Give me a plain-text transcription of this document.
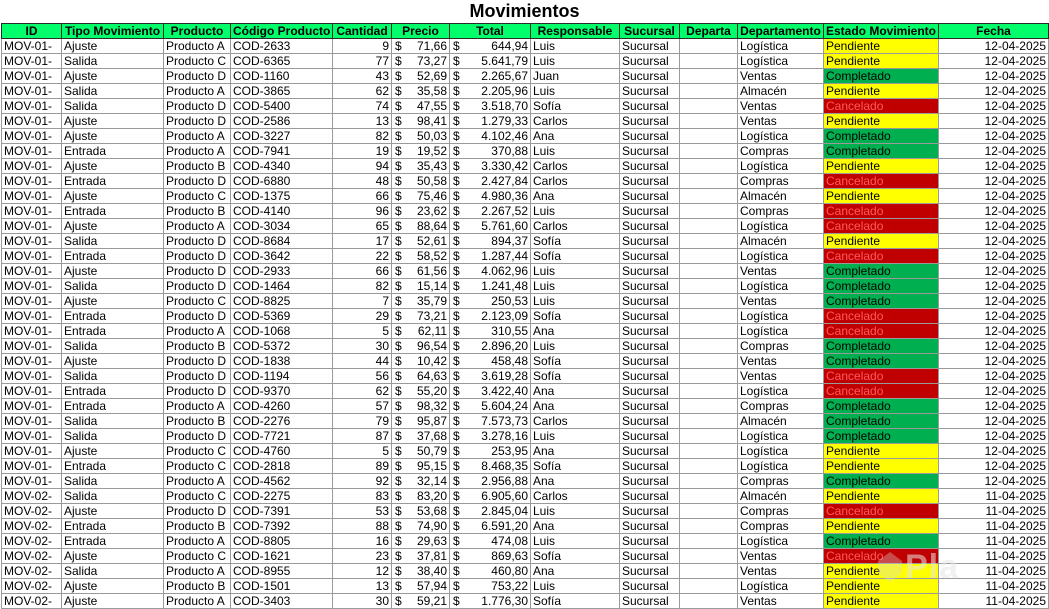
Movimientos
ID	Tipo Movimiento	Producto	Código Producto	Cantidad	Precio	Total	Responsable	Sucursal	Departa	Departamento	Estado Movimiento	Fecha
MOV-01-	Ajuste	Producto A	COD-2633	9	$ 71,66	$ 644,94	Luis	Sucursal		Logística	Pendiente	12-04-2025
MOV-01-	Salida	Producto C	COD-6365	77	$ 73,27	$ 5.641,79	Luis	Sucursal		Logística	Pendiente	12-04-2025
MOV-01-	Ajuste	Producto D	COD-1160	43	$ 52,69	$ 2.265,67	Juan	Sucursal		Ventas	Completado	12-04-2025
MOV-01-	Salida	Producto A	COD-3865	62	$ 35,58	$ 2.205,96	Luis	Sucursal		Almacén	Pendiente	12-04-2025
MOV-01-	Salida	Producto D	COD-5400	74	$ 47,55	$ 3.518,70	Sofía	Sucursal		Ventas	Cancelado	12-04-2025
MOV-01-	Ajuste	Producto D	COD-2586	13	$ 98,41	$ 1.279,33	Carlos	Sucursal		Ventas	Pendiente	12-04-2025
MOV-01-	Ajuste	Producto A	COD-3227	82	$ 50,03	$ 4.102,46	Ana	Sucursal		Logística	Completado	12-04-2025
MOV-01-	Entrada	Producto A	COD-7941	19	$ 19,52	$ 370,88	Luis	Sucursal		Compras	Completado	12-04-2025
MOV-01-	Ajuste	Producto B	COD-4340	94	$ 35,43	$ 3.330,42	Carlos	Sucursal		Logística	Pendiente	12-04-2025
MOV-01-	Entrada	Producto D	COD-6880	48	$ 50,58	$ 2.427,84	Carlos	Sucursal		Compras	Cancelado	12-04-2025
MOV-01-	Ajuste	Producto C	COD-1375	66	$ 75,46	$ 4.980,36	Ana	Sucursal		Almacén	Pendiente	12-04-2025
MOV-01-	Entrada	Producto B	COD-4140	96	$ 23,62	$ 2.267,52	Luis	Sucursal		Compras	Cancelado	12-04-2025
MOV-01-	Ajuste	Producto A	COD-3034	65	$ 88,64	$ 5.761,60	Carlos	Sucursal		Logística	Cancelado	12-04-2025
MOV-01-	Salida	Producto D	COD-8684	17	$ 52,61	$ 894,37	Sofía	Sucursal		Almacén	Pendiente	12-04-2025
MOV-01-	Entrada	Producto D	COD-3642	22	$ 58,52	$ 1.287,44	Sofía	Sucursal		Logística	Cancelado	12-04-2025
MOV-01-	Ajuste	Producto D	COD-2933	66	$ 61,56	$ 4.062,96	Luis	Sucursal		Ventas	Completado	12-04-2025
MOV-01-	Salida	Producto D	COD-1464	82	$ 15,14	$ 1.241,48	Luis	Sucursal		Logística	Completado	12-04-2025
MOV-01-	Ajuste	Producto C	COD-8825	7	$ 35,79	$ 250,53	Luis	Sucursal		Ventas	Completado	12-04-2025
MOV-01-	Entrada	Producto D	COD-5369	29	$ 73,21	$ 2.123,09	Sofía	Sucursal		Logística	Cancelado	12-04-2025
MOV-01-	Entrada	Producto A	COD-1068	5	$ 62,11	$ 310,55	Ana	Sucursal		Logística	Cancelado	12-04-2025
MOV-01-	Salida	Producto B	COD-5372	30	$ 96,54	$ 2.896,20	Luis	Sucursal		Compras	Completado	12-04-2025
MOV-01-	Ajuste	Producto D	COD-1838	44	$ 10,42	$ 458,48	Sofía	Sucursal		Ventas	Completado	12-04-2025
MOV-01-	Salida	Producto D	COD-1194	56	$ 64,63	$ 3.619,28	Sofía	Sucursal		Ventas	Cancelado	12-04-2025
MOV-01-	Entrada	Producto D	COD-9370	62	$ 55,20	$ 3.422,40	Ana	Sucursal		Logística	Cancelado	12-04-2025
MOV-01-	Entrada	Producto A	COD-4260	57	$ 98,32	$ 5.604,24	Ana	Sucursal		Compras	Completado	12-04-2025
MOV-01-	Salida	Producto B	COD-2276	79	$ 95,87	$ 7.573,73	Carlos	Sucursal		Almacén	Completado	12-04-2025
MOV-01-	Salida	Producto D	COD-7721	87	$ 37,68	$ 3.278,16	Luis	Sucursal		Logística	Completado	12-04-2025
MOV-01-	Ajuste	Producto C	COD-4760	5	$ 50,79	$ 253,95	Ana	Sucursal		Logística	Pendiente	12-04-2025
MOV-01-	Entrada	Producto C	COD-2818	89	$ 95,15	$ 8.468,35	Sofía	Sucursal		Logística	Pendiente	12-04-2025
MOV-01-	Salida	Producto A	COD-4562	92	$ 32,14	$ 2.956,88	Ana	Sucursal		Compras	Completado	12-04-2025
MOV-02-	Salida	Producto C	COD-2275	83	$ 83,20	$ 6.905,60	Carlos	Sucursal		Almacén	Pendiente	11-04-2025
MOV-02-	Ajuste	Producto D	COD-7391	53	$ 53,68	$ 2.845,04	Luis	Sucursal		Compras	Cancelado	11-04-2025
MOV-02-	Entrada	Producto B	COD-7392	88	$ 74,90	$ 6.591,20	Ana	Sucursal		Compras	Pendiente	11-04-2025
MOV-02-	Entrada	Producto A	COD-8805	16	$ 29,63	$ 474,08	Luis	Sucursal		Logística	Completado	11-04-2025
MOV-02-	Ajuste	Producto C	COD-1621	23	$ 37,81	$ 869,63	Sofía	Sucursal		Ventas	Cancelado	11-04-2025
MOV-02-	Salida	Producto A	COD-8955	12	$ 38,40	$ 460,80	Ana	Sucursal		Ventas	Pendiente	11-04-2025
MOV-02-	Ajuste	Producto B	COD-1501	13	$ 57,94	$ 753,22	Luis	Sucursal		Logística	Pendiente	11-04-2025
MOV-02-	Ajuste	Producto A	COD-3403	30	$ 59,21	$ 1.776,30	Sofía	Sucursal		Ventas	Pendiente	11-04-2025
Pla
